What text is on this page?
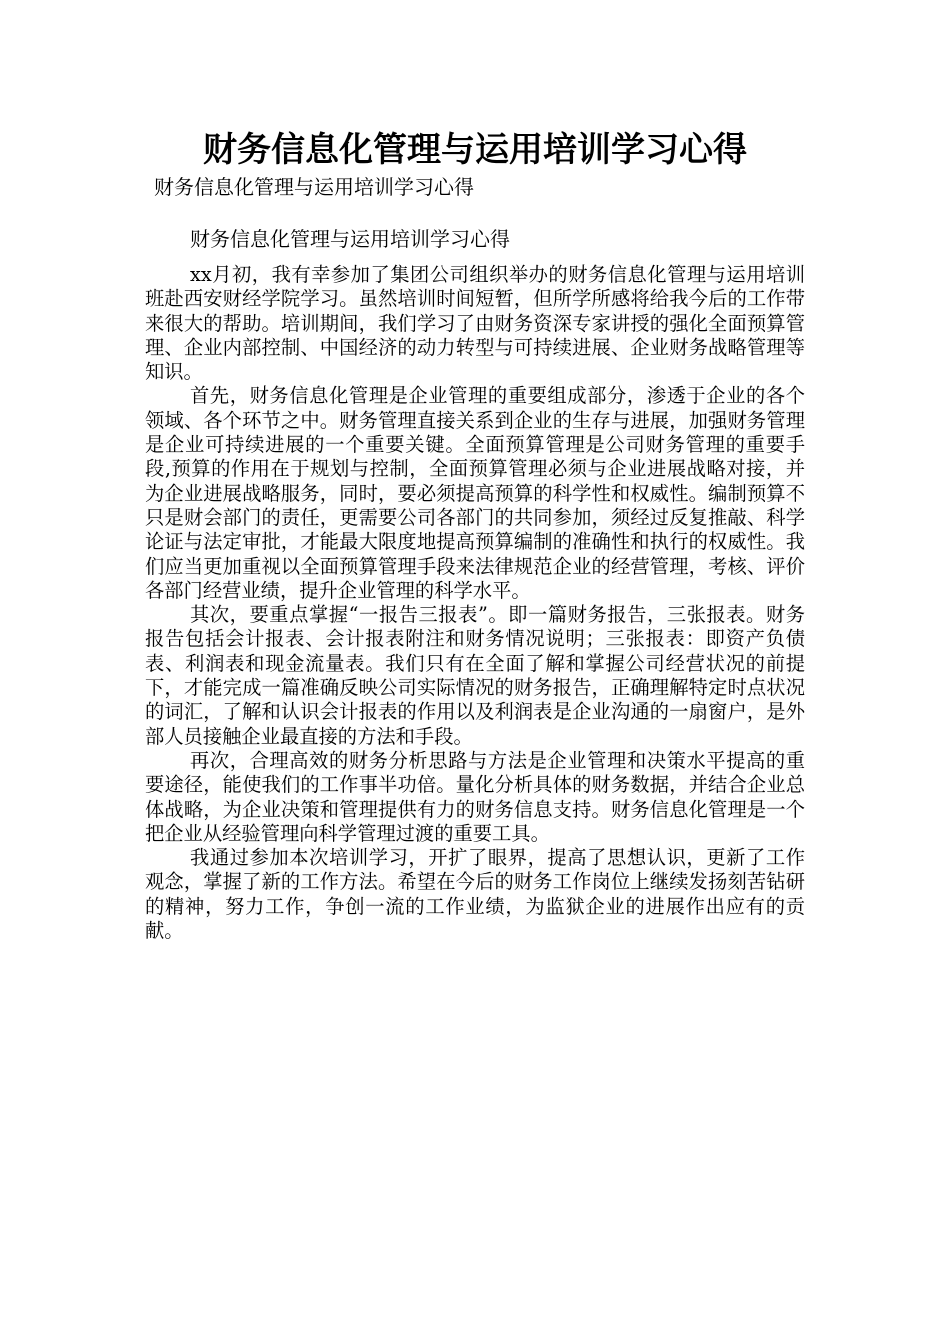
财务信息化管理与运用培训学习心得

财务信息化管理与运用培训学习心得

财务信息化管理与运用培训学习心得

xx月初，我有幸参加了集团公司组织举办的财务信息化管理与运用培训班赴西安财经学院学习。虽然培训时间短暂，但所学所感将给我今后的工作带来很大的帮助。培训期间，我们学习了由财务资深专家讲授的强化全面预算管理、企业内部控制、中国经济的动力转型与可持续进展、企业财务战略管理等知识。

首先，财务信息化管理是企业管理的重要组成部分，渗透于企业的各个领域、各个环节之中。财务管理直接关系到企业的生存与进展，加强财务管理是企业可持续进展的一个重要关键。全面预算管理是公司财务管理的重要手段,预算的作用在于规划与控制，全面预算管理必须与企业进展战略对接，并为企业进展战略服务，同时，要必须提高预算的科学性和权威性。编制预算不只是财会部门的责任，更需要公司各部门的共同参加，须经过反复推敲、科学论证与法定审批，才能最大限度地提高预算编制的准确性和执行的权威性。我们应当更加重视以全面预算管理手段来法律规范企业的经营管理，考核、评价各部门经营业绩，提升企业管理的科学水平。

其次，要重点掌握“一报告三报表”。即一篇财务报告，三张报表。财务报告包括会计报表、会计报表附注和财务情况说明；三张报表：即资产负债表、利润表和现金流量表。我们只有在全面了解和掌握公司经营状况的前提下，才能完成一篇准确反映公司实际情况的财务报告，正确理解特定时点状况的词汇，了解和认识会计报表的作用以及利润表是企业沟通的一扇窗户，是外部人员接触企业最直接的方法和手段。

再次，合理高效的财务分析思路与方法是企业管理和决策水平提高的重要途径，能使我们的工作事半功倍。量化分析具体的财务数据，并结合企业总体战略，为企业决策和管理提供有力的财务信息支持。财务信息化管理是一个把企业从经验管理向科学管理过渡的重要工具。

我通过参加本次培训学习，开扩了眼界，提高了思想认识，更新了工作观念，掌握了新的工作方法。希望在今后的财务工作岗位上继续发扬刻苦钻研的精神，努力工作，争创一流的工作业绩，为监狱企业的进展作出应有的贡献。
